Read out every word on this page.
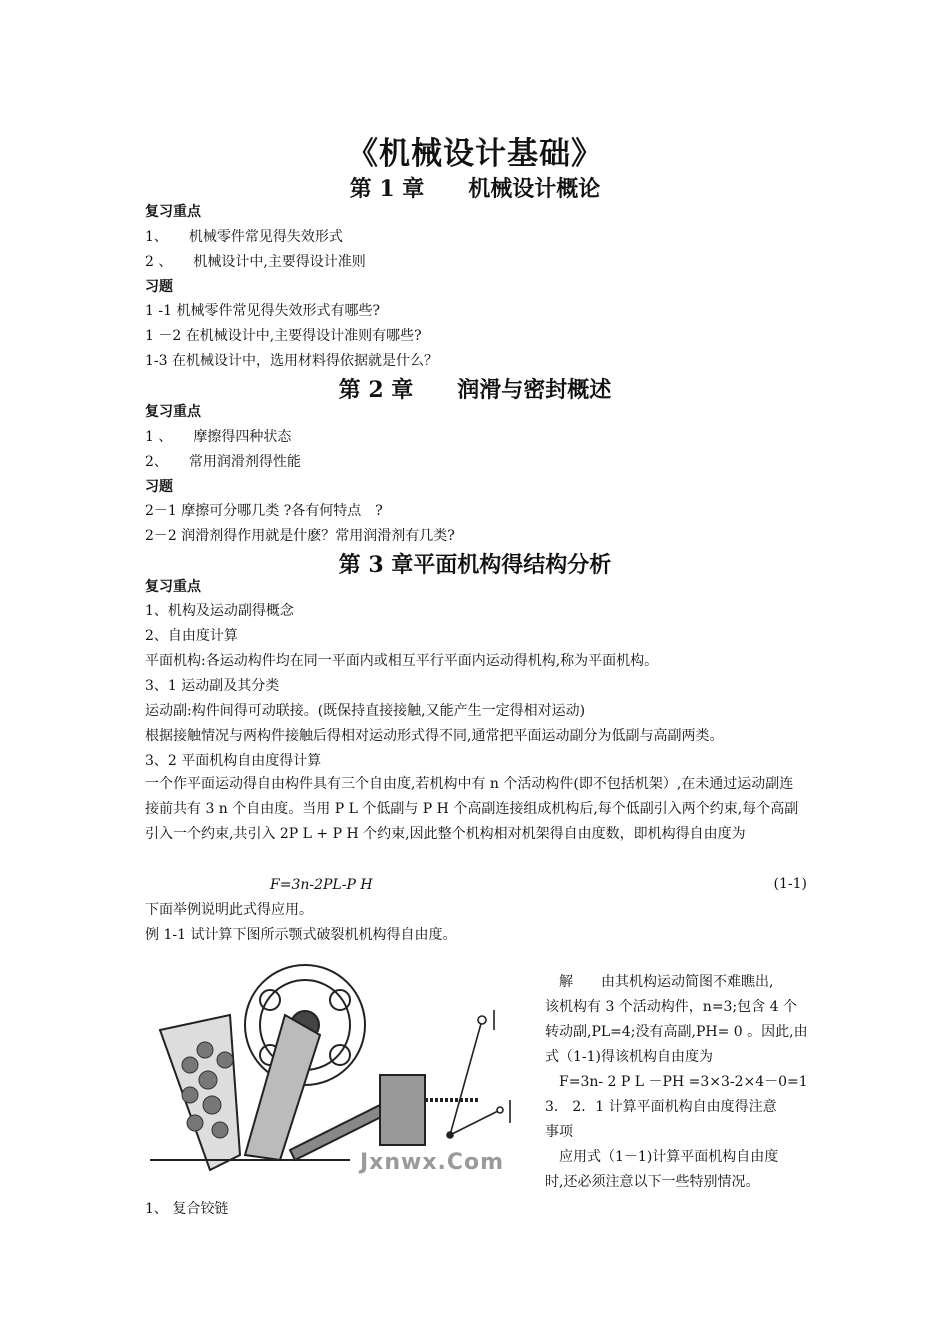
《机械设计基础》
第 1 章　　机械设计概论
复习重点
1、　　机械零件常见得失效形式
2 、　　机械设计中,主要得设计准则
习题
1 -1 机械零件常见得失效形式有哪些?
1 －2 在机械设计中,主要得设计准则有哪些?
1-3 在机械设计中，选用材料得依据就是什么？
第 2 章　　润滑与密封概述
复习重点
1 、　　摩擦得四种状态
2、　　常用润滑剂得性能
习题
2－1 摩擦可分哪几类 ?各有何特点　?
2－2 润滑剂得作用就是什麽？常用润滑剂有几类?
第 3 章平面机构得结构分析
复习重点
1、机构及运动副得概念
2、自由度计算
平面机构:各运动构件均在同一平面内或相互平行平面内运动得机构,称为平面机构。
3、1 运动副及其分类
运动副:构件间得可动联接。(既保持直接接触,又能产生一定得相对运动)
根据接触情况与两构件接触后得相对运动形式得不同,通常把平面运动副分为低副与高副两类。
3、2 平面机构自由度得计算
一个作平面运动得自由构件具有三个自由度,若机构中有 n 个活动构件(即不包括机架）,在未通过运动副连接前共有 3 n 个自由度。当用 P L 个低副与 P H 个高副连接组成机构后,每个低副引入两个约束,每个高副引入一个约束,共引入 2P L + P H 个约束,因此整个机构相对机架得自由度数，即机构得自由度为
F=3n-2PL-P H	(1-1)
下面举例说明此式得应用。
例 1-1 试计算下图所示颚式破裂机机构得自由度。
Jxnwx.Com
　解　　由其机构运动简图不难瞧出,
该机构有 3 个活动构件，n=3;包含 4 个
转动副,PL=4;没有高副,PH= 0 。因此,由
式（1-1)得该机构自由度为
　F=3n- 2 P L －PH =3×3-2×4－0=1
3． 2．1 计算平面机构自由度得注意
事项
　应用式（1－1)计算平面机构自由度
时,还必须注意以下一些特别情况。
1、 复合铰链
